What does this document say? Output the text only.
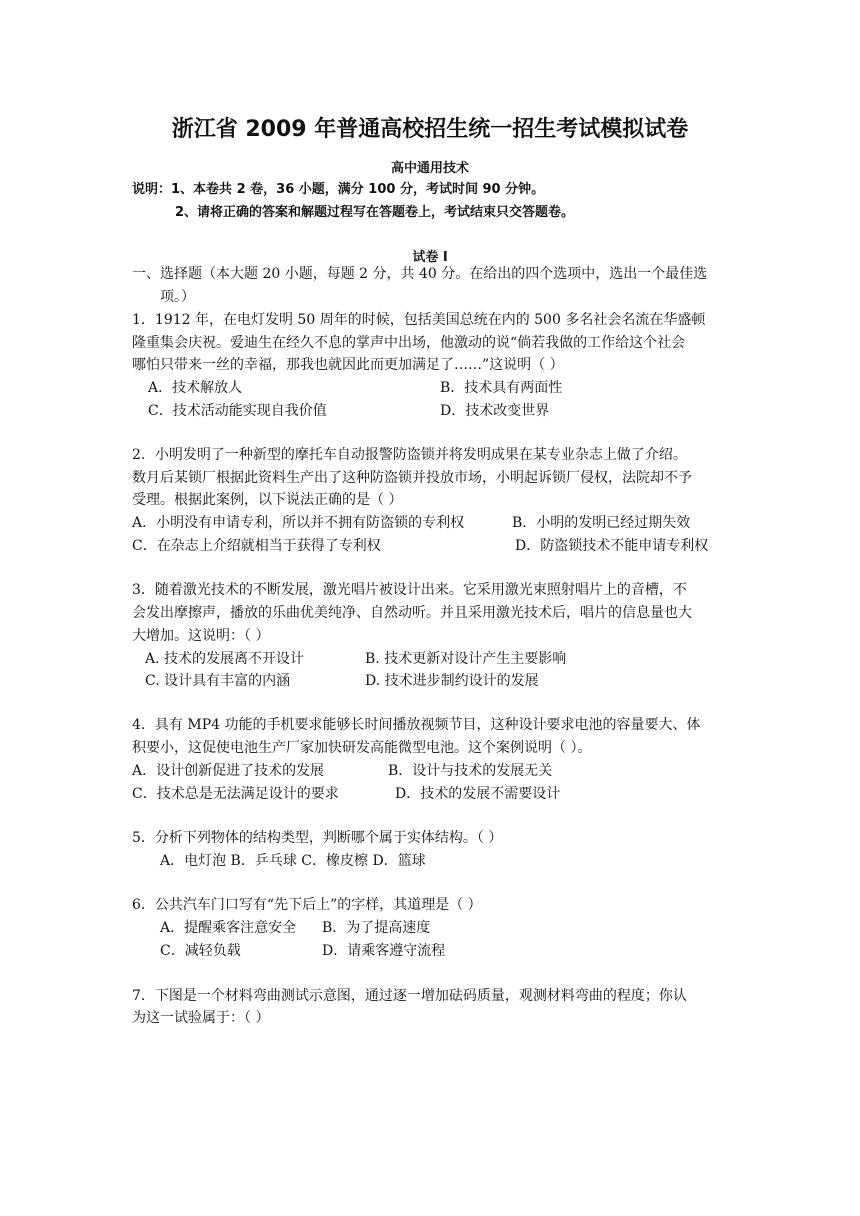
浙江省 2009 年普通高校招生统一招生考试模拟试卷
高中通用技术
说明：1、本卷共 2 卷，36 小题，满分 100 分，考试时间 90 分钟。
2、请将正确的答案和解题过程写在答题卷上，考试结束只交答题卷。
试卷 I
一、选择题（本大题 20 小题，每题 2 分，共 40 分。在给出的四个选项中，选出一个最佳选
项。）
1．1912 年，在电灯发明 50 周年的时候，包括美国总统在内的 500 多名社会名流在华盛顿
隆重集会庆祝。爱迪生在经久不息的掌声中出场，他激动的说“倘若我做的工作给这个社会
哪怕只带来一丝的幸福，那我也就因此而更加满足了……”这说明（ ）
A．技术解放人	B．技术具有两面性
C．技术活动能实现自我价值	D．技术改变世界
2．小明发明了一种新型的摩托车自动报警防盗锁并将发明成果在某专业杂志上做了介绍。
数月后某锁厂根据此资料生产出了这种防盗锁并投放市场，小明起诉锁厂侵权，法院却不予
受理。根据此案例，以下说法正确的是（ ）
A．小明没有申请专利，所以并不拥有防盗锁的专利权	B．小明的发明已经过期失效
C．在杂志上介绍就相当于获得了专利权	D．防盗锁技术不能申请专利权
3．随着激光技术的不断发展，激光唱片被设计出来。它采用激光束照射唱片上的音槽，不
会发出摩擦声，播放的乐曲优美纯净、自然动听。并且采用激光技术后，唱片的信息量也大
大增加。这说明：（ ）
A. 技术的发展离不开设计	B. 技术更新对设计产生主要影响
C. 设计具有丰富的内涵	D. 技术进步制约设计的发展
4．具有 MP4 功能的手机要求能够长时间播放视频节目，这种设计要求电池的容量要大、体
积要小，这促使电池生产厂家加快研发高能微型电池。这个案例说明（ ）。
A．设计创新促进了技术的发展	B．设计与技术的发展无关
C．技术总是无法满足设计的要求	D．技术的发展不需要设计
5．分析下列物体的结构类型，判断哪个属于实体结构。（ ）
A．电灯泡 B．乒乓球 C．橡皮檫 D．篮球
6．公共汽车门口写有“先下后上”的字样，其道理是（ ）
A．提醒乘客注意安全 B．为了提高速度
C．减轻负载	D．请乘客遵守流程
7．下图是一个材料弯曲测试示意图，通过逐一增加砝码质量，观测材料弯曲的程度；你认
为这一试验属于：（ ）
